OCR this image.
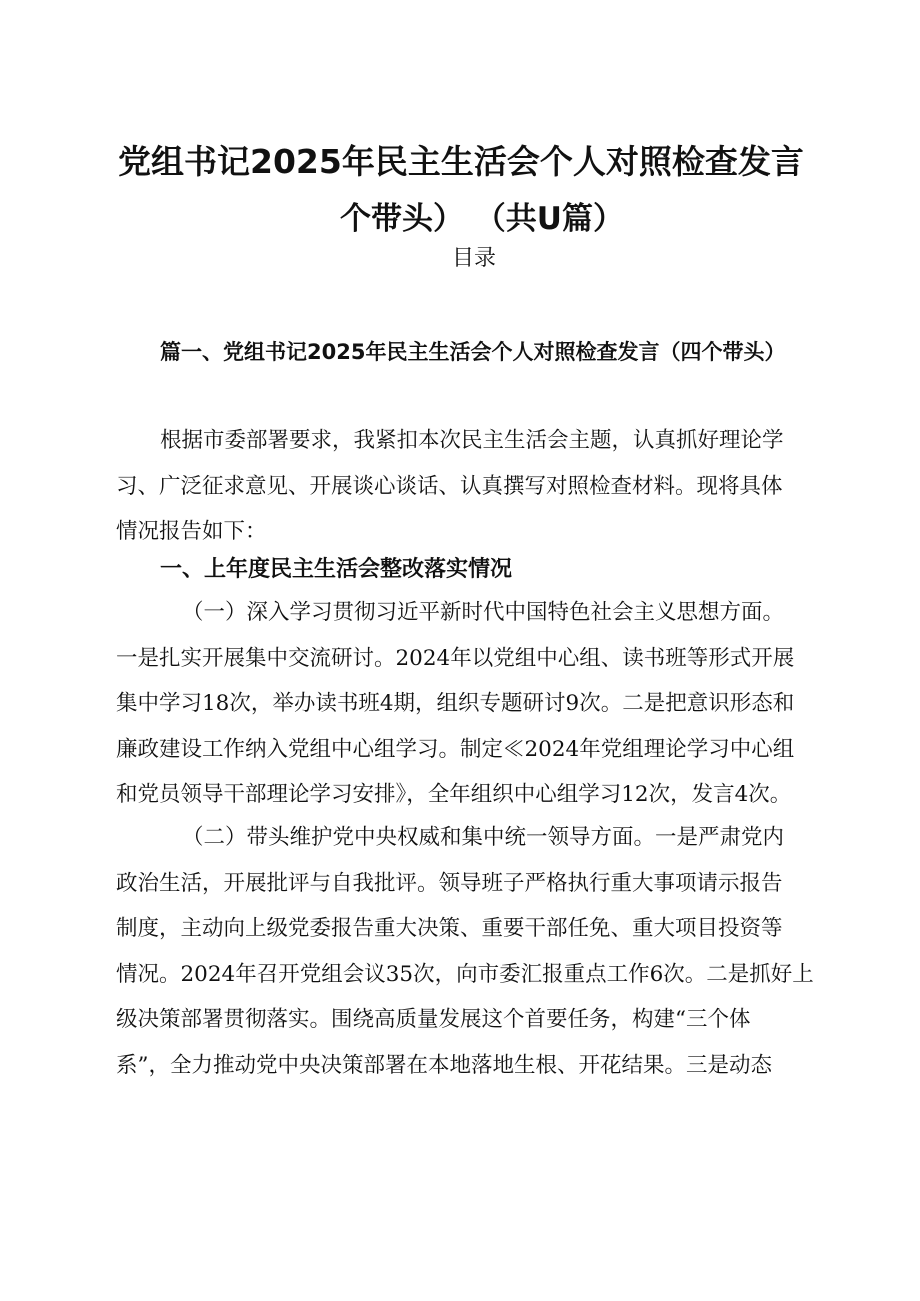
党组书记2025年民主生活会个人对照检查发言
个带头） （共U篇）
目录
篇一、党组书记2025年民主生活会个人对照检查发言（四个带头）
根据市委部署要求，我紧扣本次民主生活会主题，认真抓好理论学
习、广泛征求意见、开展谈心谈话、认真撰写对照检查材料。现将具体
情况报告如下：
一、上年度民主生活会整改落实情况
（一）深入学习贯彻习近平新时代中国特色社会主义思想方面。
一是扎实开展集中交流研讨。2024年以党组中心组、读书班等形式开展
集中学习18次，举办读书班4期，组织专题研讨9次。二是把意识形态和
廉政建设工作纳入党组中心组学习。制定≪2024年党组理论学习中心组
和党员领导干部理论学习安排》，全年组织中心组学习12次，发言4次。
（二）带头维护党中央权威和集中统一领导方面。一是严肃党内
政治生活，开展批评与自我批评。领导班子严格执行重大事项请示报告
制度，主动向上级党委报告重大决策、重要干部任免、重大项目投资等
情况。2024年召开党组会议35次，向市委汇报重点工作6次。二是抓好上
级决策部署贯彻落实。围绕高质量发展这个首要任务，构建“三个体
系”，全力推动党中央决策部署在本地落地生根、开花结果。三是动态
